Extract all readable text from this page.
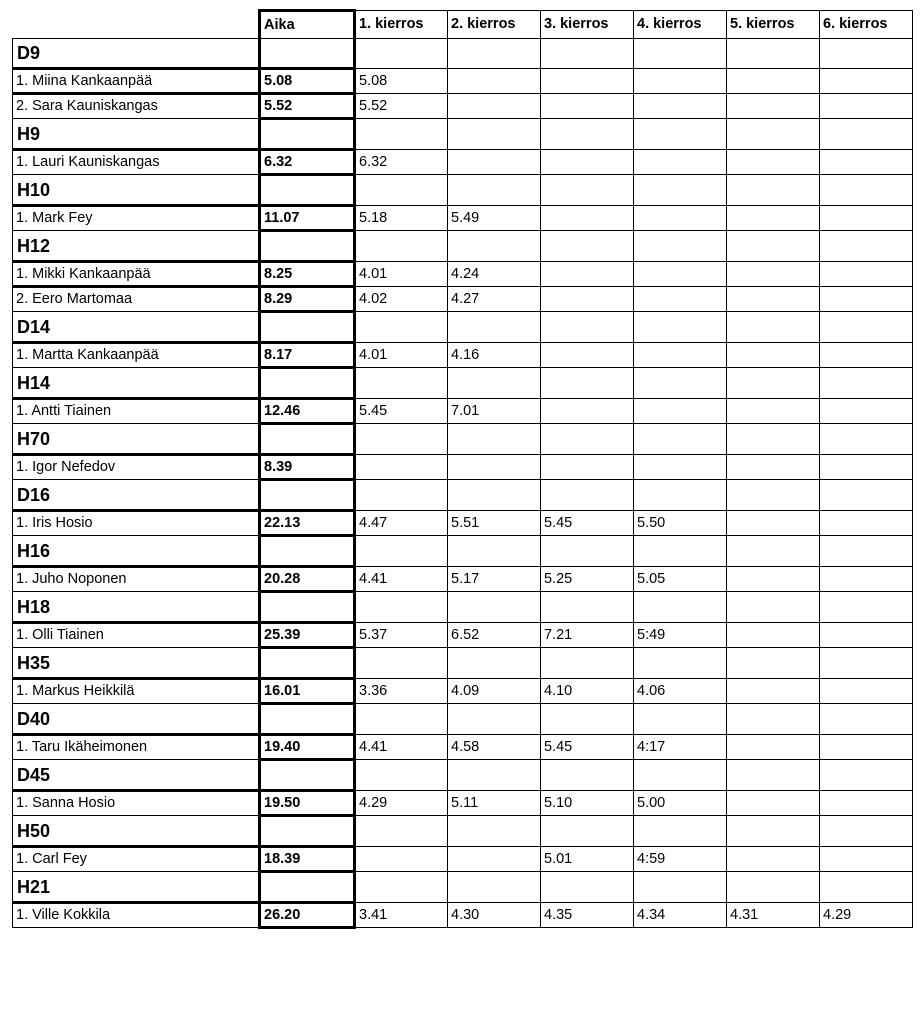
	Aika	1. kierros	2. kierros	3. kierros	4. kierros	5. kierros	6. kierros
D9							
1. Miina Kankaanpää	5.08	5.08					
2. Sara Kauniskangas	5.52	5.52					
H9							
1. Lauri Kauniskangas	6.32	6.32					
H10							
1. Mark Fey	11.07	5.18	5.49				
H12							
1. Mikki Kankaanpää	8.25	4.01	4.24				
2. Eero Martomaa	8.29	4.02	4.27				
D14							
1. Martta Kankaanpää	8.17	4.01	4.16				
H14							
1. Antti Tiainen	12.46	5.45	7.01				
H70							
1. Igor Nefedov	8.39						
D16							
1. Iris Hosio	22.13	4.47	5.51	5.45	5.50		
H16							
1. Juho Noponen	20.28	4.41	5.17	5.25	5.05		
H18							
1. Olli Tiainen	25.39	5.37	6.52	7.21	5:49		
H35							
1. Markus Heikkilä	16.01	3.36	4.09	4.10	4.06		
D40							
1. Taru Ikäheimonen	19.40	4.41	4.58	5.45	4:17		
D45							
1. Sanna Hosio	19.50	4.29	5.11	5.10	5.00		
H50							
1. Carl Fey	18.39			5.01	4:59		
H21							
1. Ville Kokkila	26.20	3.41	4.30	4.35	4.34	4.31	4.29
